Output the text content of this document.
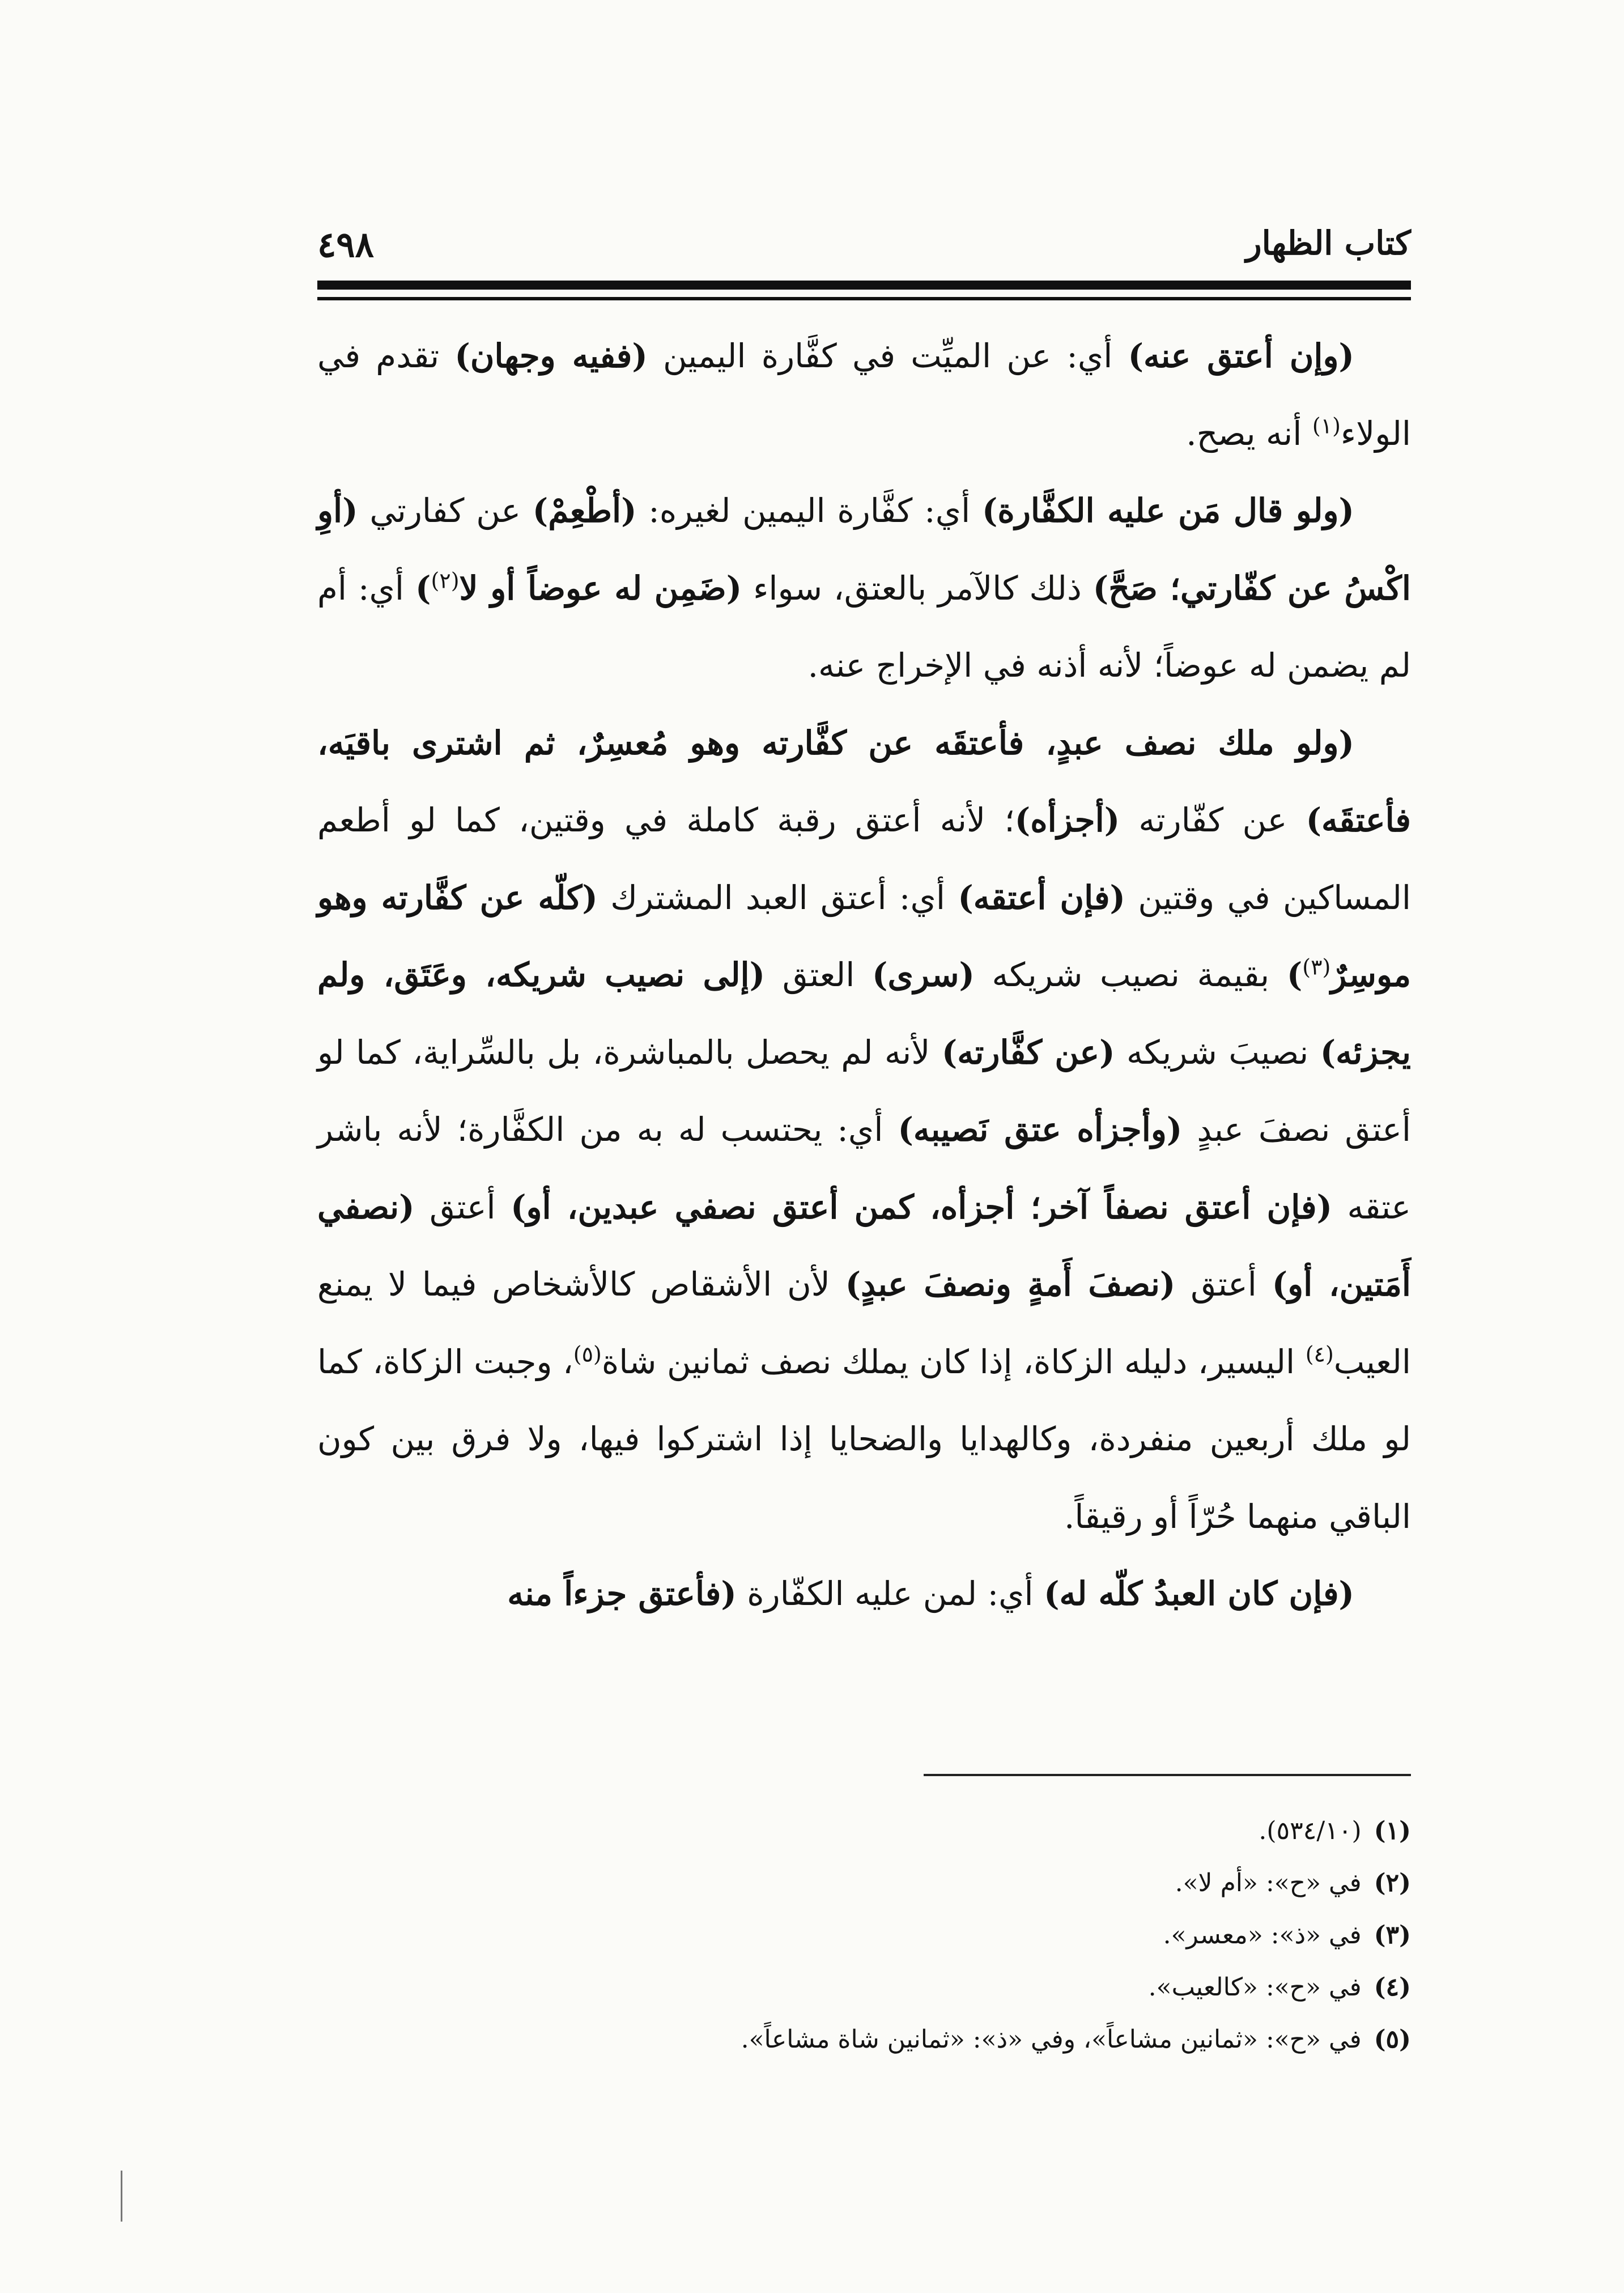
٤٩٨	كتاب الظهار

(وإن أعتق عنه) أي: عن الميِّت في كفَّارة اليمين (ففيه وجهان) تقدم في الولاء$^{(١)}$ أنه يصح.

(ولو قال مَن عليه الكفَّارة) أي: كفَّارة اليمين لغيره: (أطْعِمْ) عن كفارتي (أوِ اكْسُ عن كفّارتي؛ صَحَّ) ذلك كالآمر بالعتق، سواء (ضَمِن له عوضاً أو لا$^{(٢)}$) أي: أم لم يضمن له عوضاً؛ لأنه أذنه في الإخراج عنه.

(ولو ملك نصف عبدٍ، فأعتقَه عن كفَّارته وهو مُعسِرٌ، ثم اشترى باقيَه، فأعتقَه) عن كفّارته (أجزأه)؛ لأنه أعتق رقبة كاملة في وقتين، كما لو أطعم المساكين في وقتين (فإن أعتقه) أي: أعتق العبد المشترك (كلّه عن كفَّارته وهو موسِرٌ$^{(٣)}$) بقيمة نصيب شريكه (سرى) العتق (إلى نصيب شريكه، وعَتَق، ولم يجزئه) نصيبَ شريكه (عن كفَّارته) لأنه لم يحصل بالمباشرة، بل بالسِّراية، كما لو أعتق نصفَ عبدٍ (وأجزأه عتق نَصيبه) أي: يحتسب له به من الكفَّارة؛ لأنه باشر عتقه (فإن أعتق نصفاً آخر؛ أجزأه، كمن أعتق نصفي عبدين، أو) أعتق (نصفي أَمَتين، أو) أعتق (نصفَ أَمةٍ ونصفَ عبدٍ) لأن الأشقاص كالأشخاص فيما لا يمنع العيب$^{(٤)}$ اليسير، دليله الزكاة، إذا كان يملك نصف ثمانين شاة$^{(٥)}$، وجبت الزكاة، كما لو ملك أربعين منفردة، وكالهدايا والضحايا إذا اشتركوا فيها، ولا فرق بين كون الباقي منهما حُرّاً أو رقيقاً.

(فإن كان العبدُ كلّه له) أي: لمن عليه الكفّارة (فأعتق جزءاً منه

(١)(٥٣٤/١٠).

(٢)في «ح»: «أم لا».

(٣)في «ذ»: «معسر».

(٤)في «ح»: «كالعيب».

(٥)في «ح»: «ثمانين مشاعاً»، وفي «ذ»: «ثمانين شاة مشاعاً».
